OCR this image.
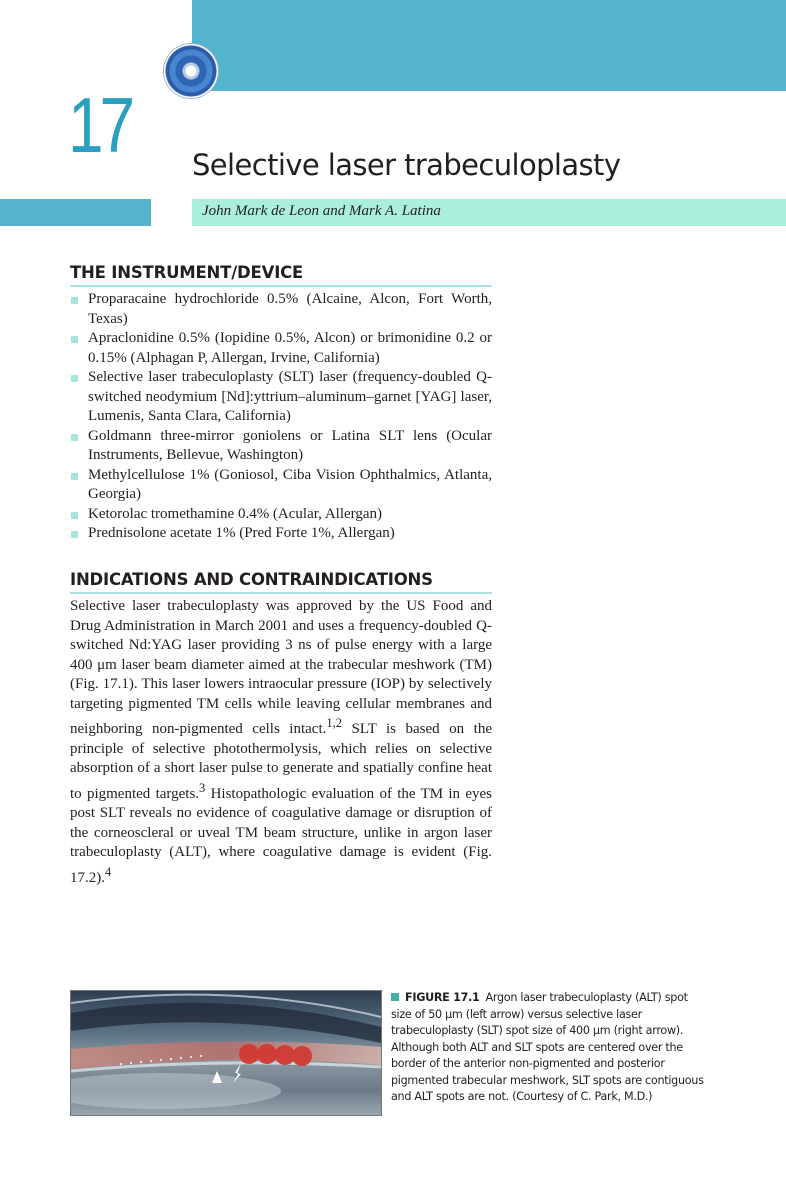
17 Selective laser trabeculoplasty
John Mark de Leon and Mark A. Latina
THE INSTRUMENT/DEVICE
Proparacaine hydrochloride 0.5% (Alcaine, Alcon, Fort Worth, Texas)
Apraclonidine 0.5% (Iopidine 0.5%, Alcon) or brimonidine 0.2 or 0.15% (Alphagan P, Allergan, Irvine, California)
Selective laser trabeculoplasty (SLT) laser (frequency-doubled Q-switched neodymium [Nd]:yttrium–aluminum–garnet [YAG] laser, Lumenis, Santa Clara, California)
Goldmann three-mirror goniolens or Latina SLT lens (Ocular Instruments, Bellevue, Washington)
Methylcellulose 1% (Goniosol, Ciba Vision Ophthalmics, Atlanta, Georgia)
Ketorolac tromethamine 0.4% (Acular, Allergan)
Prednisolone acetate 1% (Pred Forte 1%, Allergan)
INDICATIONS AND CONTRAINDICATIONS

Selective laser trabeculoplasty was approved by the US Food and Drug Administration in March 2001 and uses a frequency-doubled Q-switched Nd:YAG laser providing 3 ns of pulse energy with a large 400 μm laser beam diameter aimed at the trabecular meshwork (TM) (Fig. 17.1). This laser lowers intraocular pressure (IOP) by selectively targeting pigmented TM cells while leaving cellular membranes and neighboring non-pigmented cells intact.$^{1,2}$ SLT is based on the principle of selective photothermolysis, which relies on selective absorption of a short laser pulse to generate and spatially confine heat to pigmented targets.$^3$ Histopathologic evaluation of the TM in eyes post SLT reveals no evidence of coagulative damage or disruption of the corneoscleral or uveal TM beam structure, unlike in argon laser trabeculoplasty (ALT), where coagulative damage is evident (Fig. 17.2).$^4$

FIGURE 17.1 Argon laser trabeculoplasty (ALT) spot size of 50 μm (left arrow) versus selective laser trabeculoplasty (SLT) spot size of 400 μm (right arrow). Although both ALT and SLT spots are centered over the border of the anterior non-pigmented and posterior pigmented trabecular meshwork, SLT spots are contiguous and ALT spots are not. (Courtesy of C. Park, M.D.)
